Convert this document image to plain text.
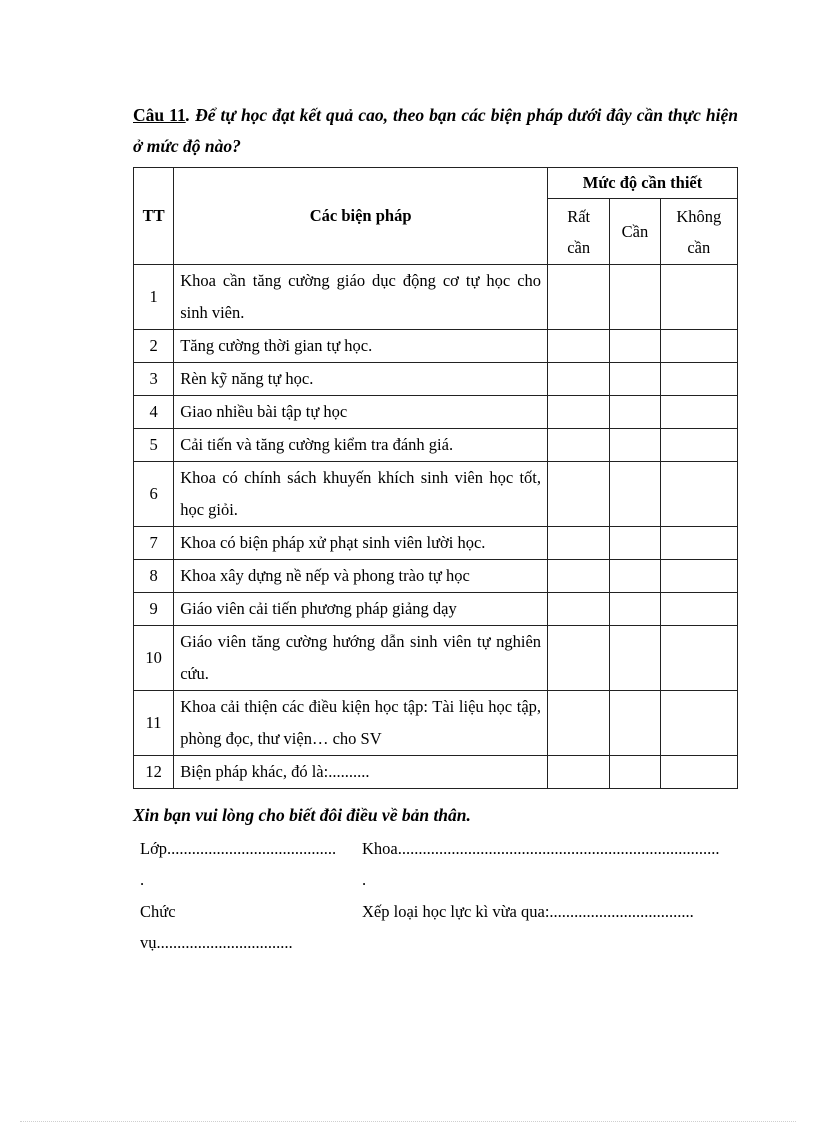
Câu 11. Để tự học đạt kết quả cao, theo bạn các biện pháp dưới đây cần thực hiện ở mức độ nào?
TT	Các biện pháp	Mức độ cần thiết		
		Rất cần	Cần	Không cần
1	Khoa cần tăng cường giáo dục động cơ tự học cho sinh viên.			
2	Tăng cường thời gian tự học.			
3	Rèn kỹ năng tự học.			
4	Giao nhiều bài tập tự học			
5	Cải tiến và tăng cường kiểm tra đánh giá.			
6	Khoa có chính sách khuyến khích sinh viên học tốt, học giỏi.			
7	Khoa có biện pháp xử phạt sinh viên lười học.			
8	Khoa xây dựng nề nếp và phong trào tự học			
9	Giáo viên cải tiến phương pháp giảng dạy			
10	Giáo viên tăng cường hướng dẫn sinh viên tự nghiên cứu.			
11	Khoa cải thiện các điều kiện học tập: Tài liệu học tập, phòng đọc, thư viện… cho SV			
12	Biện pháp khác, đó là:..........			
Xin bạn vui lòng cho biết đôi điều về bản thân.
Lớp.........................................
.
Khoa..............................................................................
.
Chức
vụ.................................
Xếp loại học lực kì vừa qua:...................................
